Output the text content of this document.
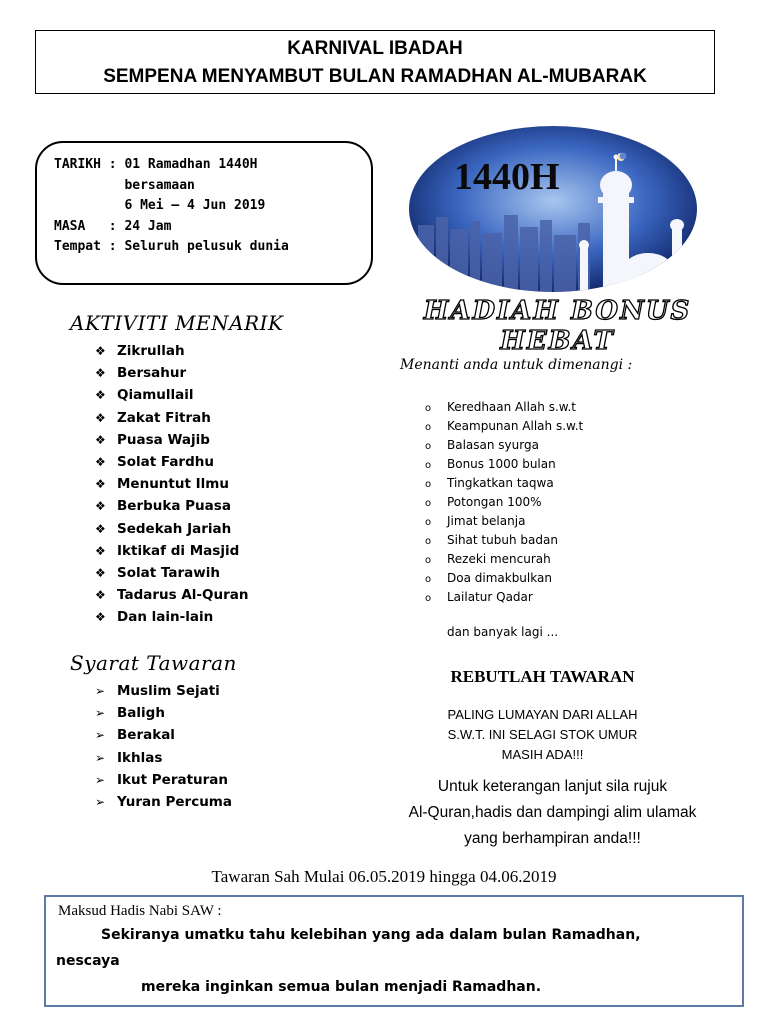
KARNIVAL IBADAH
SEMPENA MENYAMBUT BULAN RAMADHAN AL-MUBARAK
TARIKH : 01 Ramadhan 1440H
bersamaan
6 Mei – 4 Jun 2019
MASA   : 24 Jam
Tempat : Seluruh pelusuk dunia
1440H
HADIAH BONUS HEBAT
Menanti anda untuk dimenangi :
o Keredhaan Allah s.w.t
o Keampunan Allah s.w.t
o Balasan syurga
o Bonus 1000 bulan
o Tingkatkan taqwa
o Potongan 100%
o Jimat belanja
o Sihat tubuh badan
o Rezeki mencurah
o Doa dimakbulkan
o Lailatur Qadar
dan banyak lagi ...
AKTIVITI MENARIK
❖ Zikrullah
❖ Bersahur
❖ Qiamullail
❖ Zakat Fitrah
❖ Puasa Wajib
❖ Solat Fardhu
❖ Menuntut Ilmu
❖ Berbuka Puasa
❖ Sedekah Jariah
❖ Iktikaf di Masjid
❖ Solat Tarawih
❖ Tadarus Al-Quran
❖ Dan lain-lain
Syarat Tawaran
➢ Muslim Sejati
➢ Baligh
➢ Berakal
➢ Ikhlas
➢ Ikut Peraturan
➢ Yuran Percuma
REBUTLAH TAWARAN
PALING LUMAYAN DARI ALLAH
S.W.T. INI SELAGI STOK UMUR
MASIH ADA!!!
Untuk keterangan lanjut sila rujuk
Al-Quran,hadis dan dampingi alim ulamak
yang berhampiran anda!!!
Tawaran Sah Mulai 06.05.2019 hingga 04.06.2019
Maksud Hadis Nabi SAW :
Sekiranya umatku tahu kelebihan yang ada dalam bulan Ramadhan,
nescaya
mereka inginkan semua bulan menjadi Ramadhan.
